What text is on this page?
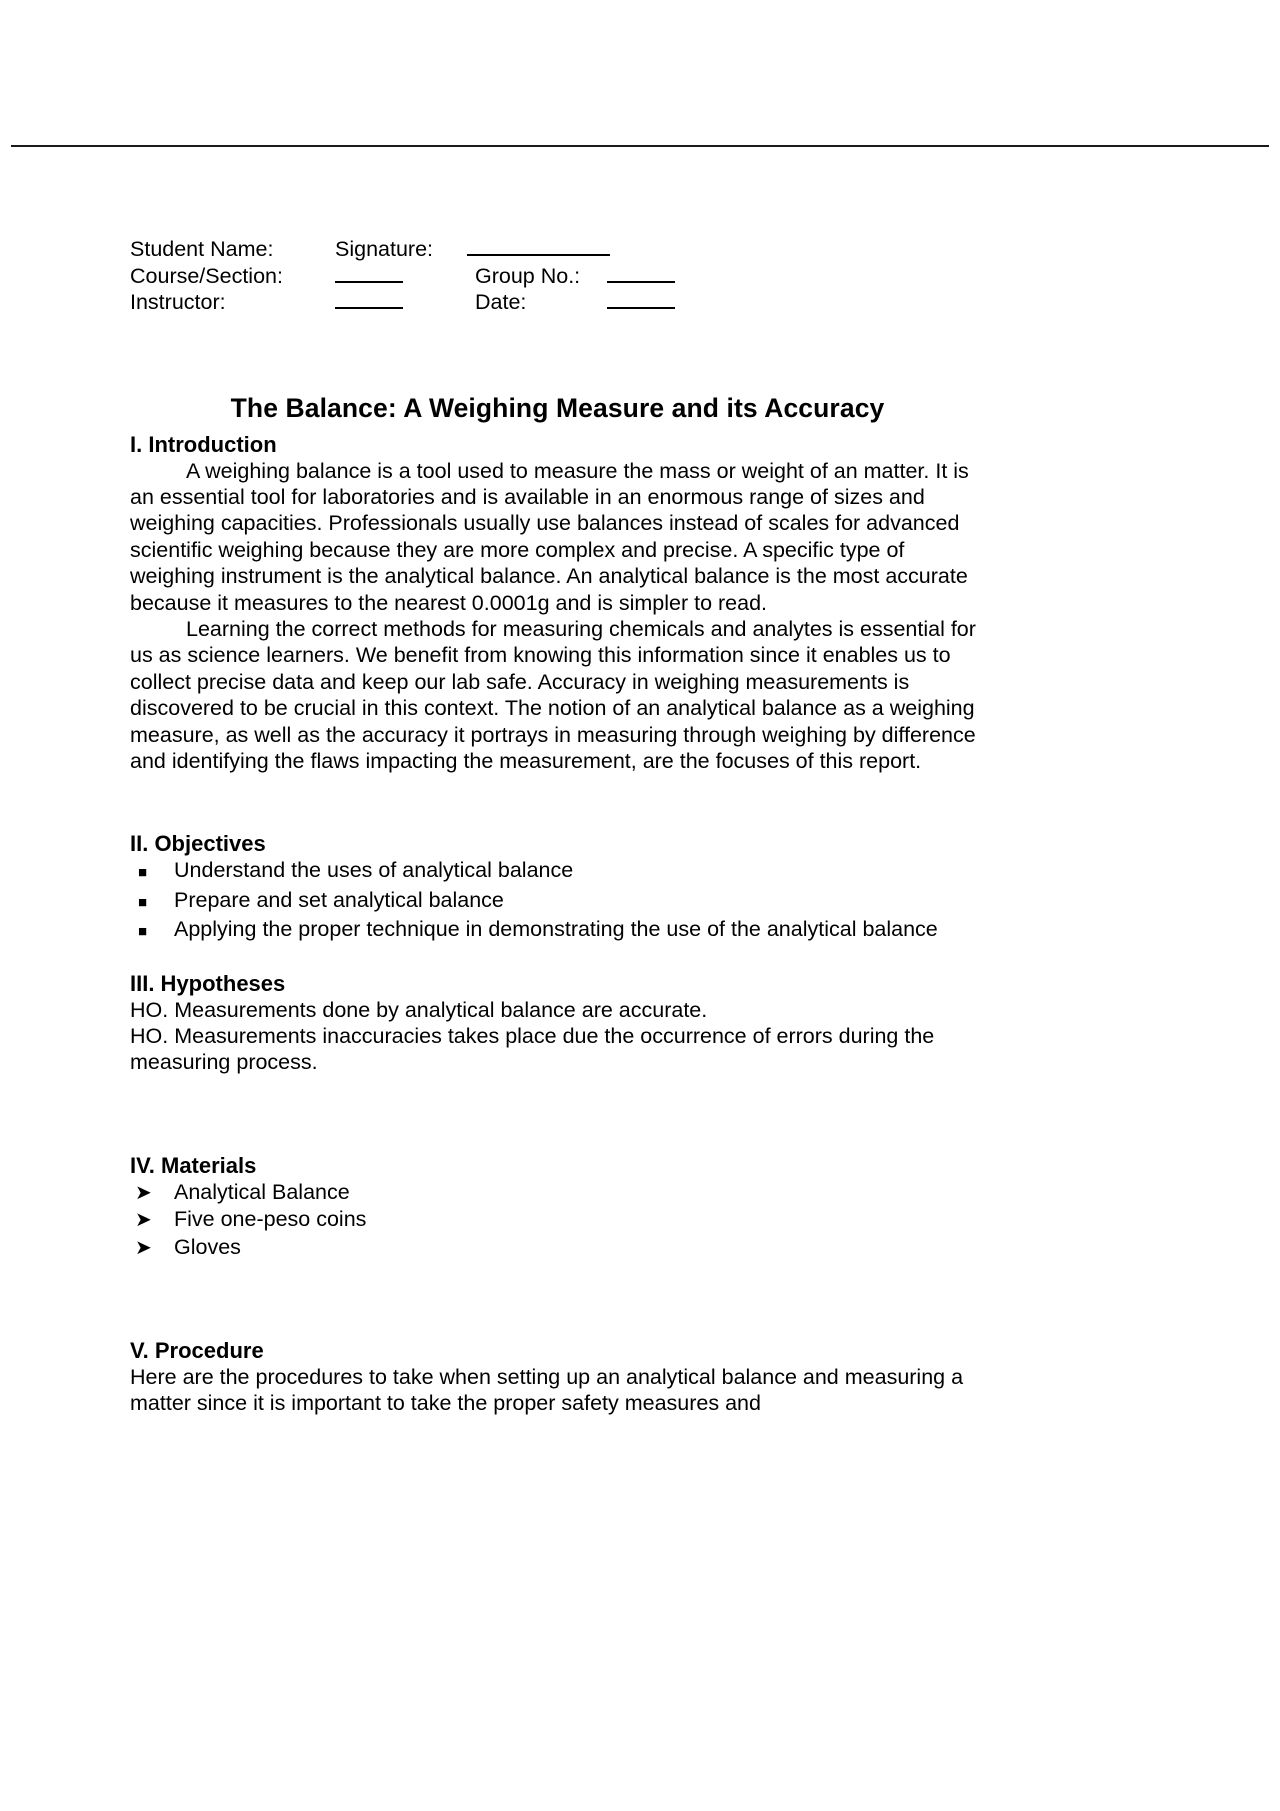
Student Name:	Signature:
Course/Section:	Group No.:
Instructor:	Date:
The Balance: A Weighing Measure and its Accuracy
I. Introduction

A weighing balance is a tool used to measure the mass or weight of an matter. It is an essential tool for laboratories and is available in an enormous range of sizes and weighing capacities. Professionals usually use balances instead of scales for advanced scientific weighing because they are more complex and precise. A specific type of weighing instrument is the analytical balance. An analytical balance is the most accurate because it measures to the nearest 0.0001g and is simpler to read.

Learning the correct methods for measuring chemicals and analytes is essential for us as science learners. We benefit from knowing this information since it enables us to collect precise data and keep our lab safe. Accuracy in weighing measurements is discovered to be crucial in this context. The notion of an analytical balance as a weighing measure, as well as the accuracy it portrays in measuring through weighing by difference and identifying the flaws impacting the measurement, are the focuses of this report.

II. Objectives
■	Understand the uses of analytical balance
■	Prepare and set analytical balance
■	Applying the proper technique in demonstrating the use of the analytical balance
III. Hypotheses

HO. Measurements done by analytical balance are accurate.

HO. Measurements inaccuracies takes place due the occurrence of errors during the measuring process.

IV. Materials
➤	Analytical Balance
➤	Five one-peso coins
➤	Gloves
V. Procedure

Here are the procedures to take when setting up an analytical balance and measuring a matter since it is important to take the proper safety measures and
